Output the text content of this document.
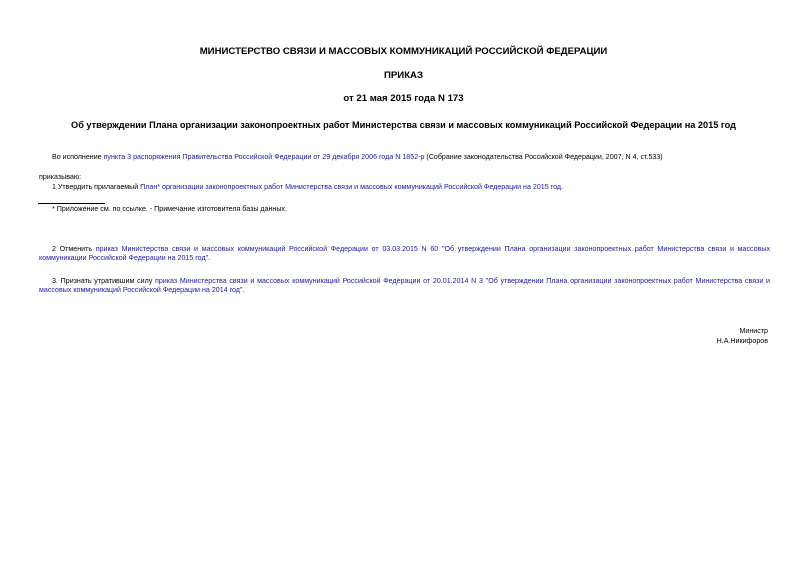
МИНИСТЕРСТВО СВЯЗИ И МАССОВЫХ КОММУНИКАЦИЙ РОССИЙСКОЙ ФЕДЕРАЦИИ
ПРИКАЗ
от 21 мая 2015 года N 173
Об утверждении Плана организации законопроектных работ Министерства связи и массовых коммуникаций Российской Федерации на 2015 год
Во исполнение пункта 3 распоряжения Правительства Российской Федерации от 29 декабря 2006 года N 1852-р (Собрание законодательства Российской Федерации, 2007, N 4, ст.533)
приказываю:
1 Утвердить прилагаемый План* организации законопроектных работ Министерства связи и массовых коммуникаций Российской Федерации на 2015 год.
* Приложение см. по ссылке. - Примечание изготовителя базы данных.
2 Отменить приказ Министерства связи и массовых коммуникаций Российской Федерации от 03.03.2015 N 60 "Об утверждении Плана организации законопроектных работ Министерства связи и массовых коммуникации Российской Федерации на 2015 год".
3. Признать утратившим силу приказ Министерства связи и массовых коммуникаций Российской Федерации от 20.01.2014 N 3 "Об утверждении Плана организации законопроектных работ Министерства связи и массовых коммуникаций Российской Федерации на 2014 год".
Министр
Н.А.Никифоров
